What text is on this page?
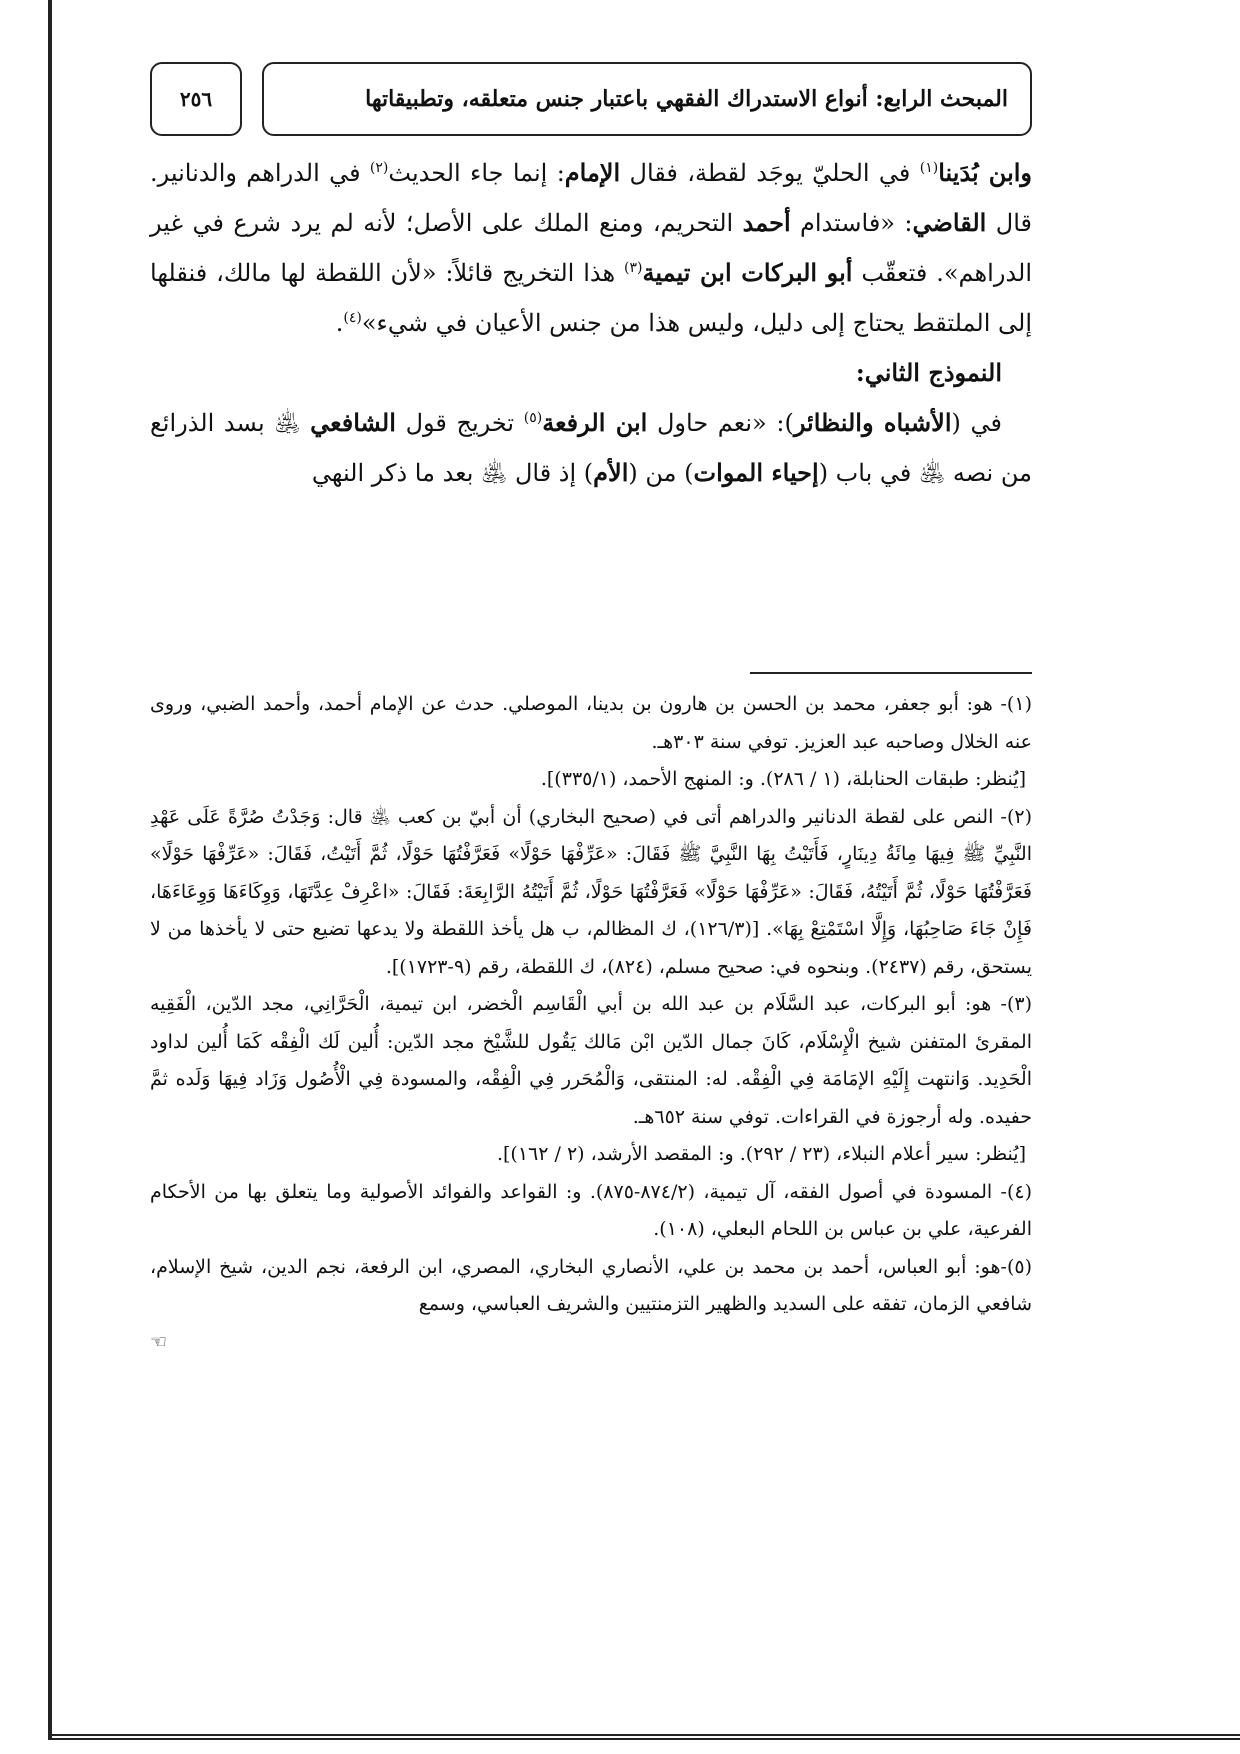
٢٥٦	المبحث الرابع: أنواع الاستدراك الفقهي باعتبار جنس متعلقه، وتطبيقاتها

وابن بُدَينا$^{(١)}$ في الحليّ يوجَد لقطة، فقال الإمام: إنما جاء الحديث$^{(٢)}$ في الدراهم والدنانير. قال القاضي: «فاستدام أحمد التحريم، ومنع الملك على الأصل؛ لأنه لم يرد شرع في غير الدراهم». فتعقّب أبو البركات ابن تيمية$^{(٣)}$ هذا التخريج قائلاً: «لأن اللقطة لها مالك، فنقلها إلى الملتقط يحتاج إلى دليل، وليس هذا من جنس الأعيان في شيء»$^{(٤)}$.

النموذج الثاني:

في (الأشباه والنظائر): «نعم حاول ابن الرفعة$^{(٥)}$ تخريج قول الشافعي ﵁ بسد الذرائع من نصه ﵁ في باب (إحياء الموات) من (الأم) إذ قال ﵁ بعد ما ذكر النهي

(١)- هو: أبو جعفر، محمد بن الحسن بن هارون بن بدينا، الموصلي. حدث عن الإمام أحمد، وأحمد الضبي، وروى عنه الخلال وصاحبه عبد العزيز. توفي سنة ٣٠٣هـ.

[يُنظر: طبقات الحنابلة، (١ / ٢٨٦). و: المنهج الأحمد، (٣٣٥/١)].

(٢)- النص على لقطة الدنانير والدراهم أتى في (صحيح البخاري) أن أبيّ بن كعب ﵁ قال: وَجَدْتُ صُرَّةً عَلَى عَهْدِ النَّبِيِّ ﷺ فِيهَا مِائَةُ دِينَارٍ، فَأَتَيْتُ بِهَا النَّبِيَّ ﷺ فَقَالَ: «عَرِّفْهَا حَوْلًا» فَعَرَّفْتُهَا حَوْلًا، ثُمَّ أَتَيْتُ، فَقَالَ: «عَرِّفْهَا حَوْلًا» فَعَرَّفْتُهَا حَوْلًا، ثُمَّ أَتَيْتُهُ، فَقَالَ: «عَرِّفْهَا حَوْلًا» فَعَرَّفْتُهَا حَوْلًا، ثُمَّ أَتَيْتُهُ الرَّابِعَةَ: فَقَالَ: «اعْرِفْ عِدَّتَهَا، وَوِكَاءَهَا وَوِعَاءَهَا، فَإِنْ جَاءَ صَاحِبُهَا، وَإِلَّا اسْتَمْتِعْ بِهَا». [(١٢٦/٣)، ك المظالم، ب هل يأخذ اللقطة ولا يدعها تضيع حتى لا يأخذها من لا يستحق، رقم (٢٤٣٧). وبنحوه في: صحيح مسلم، (٨٢٤)، ك اللقطة، رقم (٩-١٧٢٣)].

(٣)- هو: أبو البركات، عبد السَّلَام بن عبد الله بن أبي الْقَاسِم الْخضر، ابن تيمية، الْحَرَّانِي، مجد الدّين، الْفَقِيه المقرئ المتفنن شيخ الْإِسْلَام، كَانَ جمال الدّين ابْن مَالك يَقُول للشَّيْخ مجد الدّين: أُلين لَك الْفِقْه كَمَا أُلين لداود الْحَدِيد. وَانتهت إِلَيْهِ الإمَامَة فِي الْفِقْه. له: المنتقى، وَالْمُحَرر فِي الْفِقْه، والمسودة فِي الْأُصُول وَزَاد فِيهَا وَلَده ثمَّ حفيده. وله أرجوزة في القراءات. توفي سنة ٦٥٢هـ.

[يُنظر: سير أعلام النبلاء، (٢٣ / ٢٩٢). و: المقصد الأرشد، (٢ / ١٦٢)].

(٤)- المسودة في أصول الفقه، آل تيمية، (٨٧٤/٢-٨٧٥). و: القواعد والفوائد الأصولية وما يتعلق بها من الأحكام الفرعية، علي بن عباس بن اللحام البعلي، (١٠٨).

(٥)-هو: أبو العباس، أحمد بن محمد بن علي، الأنصاري البخاري، المصري، ابن الرفعة، نجم الدين، شيخ الإسلام، شافعي الزمان، تفقه على السديد والظهير التزمنتيين والشريف العباسي، وسمع

☜
